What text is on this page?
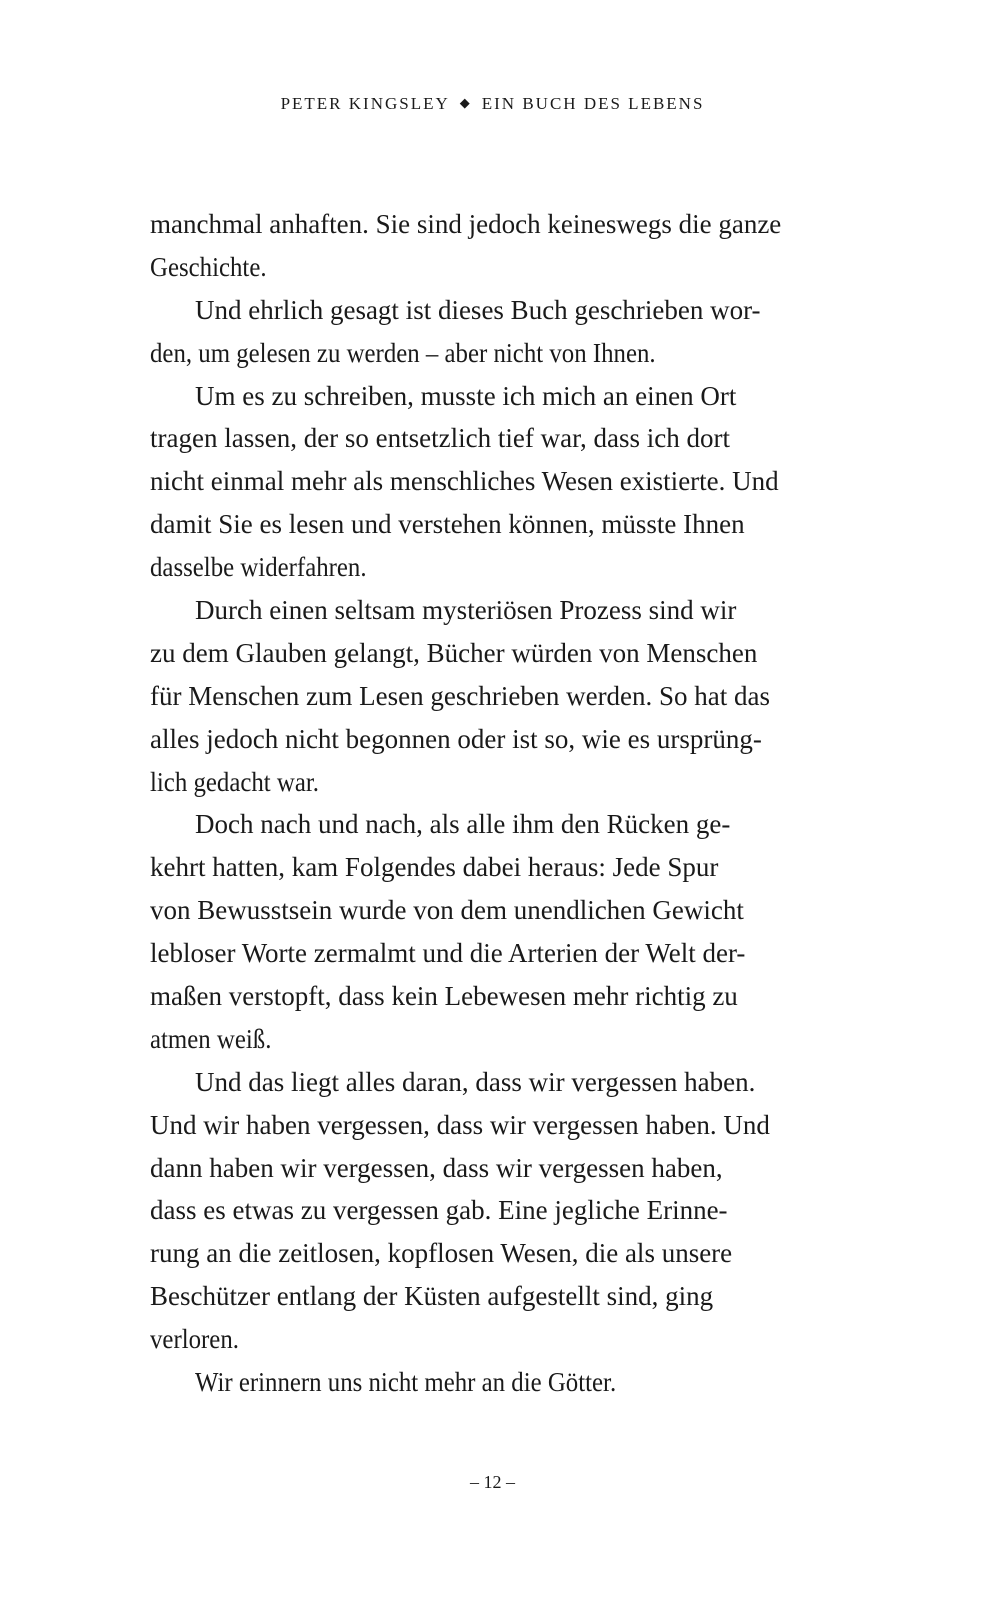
PETER KINGSLEY ◆ EIN BUCH DES LEBENS
manchmal anhaften. Sie sind jedoch keineswegs die ganze
Geschichte.
Und ehrlich gesagt ist dieses Buch geschrieben wor-
den, um gelesen zu werden – aber nicht von Ihnen.
Um es zu schreiben, musste ich mich an einen Ort
tragen lassen, der so entsetzlich tief war, dass ich dort
nicht einmal mehr als menschliches Wesen existierte. Und
damit Sie es lesen und verstehen können, müsste Ihnen
dasselbe widerfahren.
Durch einen seltsam mysteriösen Prozess sind wir
zu dem Glauben gelangt, Bücher würden von Menschen
für Menschen zum Lesen geschrieben werden. So hat das
alles jedoch nicht begonnen oder ist so, wie es ursprüng-
lich gedacht war.
Doch nach und nach, als alle ihm den Rücken ge-
kehrt hatten, kam Folgendes dabei heraus: Jede Spur
von Bewusstsein wurde von dem unendlichen Gewicht
lebloser Worte zermalmt und die Arterien der Welt der-
maßen verstopft, dass kein Lebewesen mehr richtig zu
atmen weiß.
Und das liegt alles daran, dass wir vergessen haben.
Und wir haben vergessen, dass wir vergessen haben. Und
dann haben wir vergessen, dass wir vergessen haben,
dass es etwas zu vergessen gab. Eine jegliche Erinne-
rung an die zeitlosen, kopflosen Wesen, die als unsere
Beschützer entlang der Küsten aufgestellt sind, ging
verloren.
Wir erinnern uns nicht mehr an die Götter.
– 12 –
